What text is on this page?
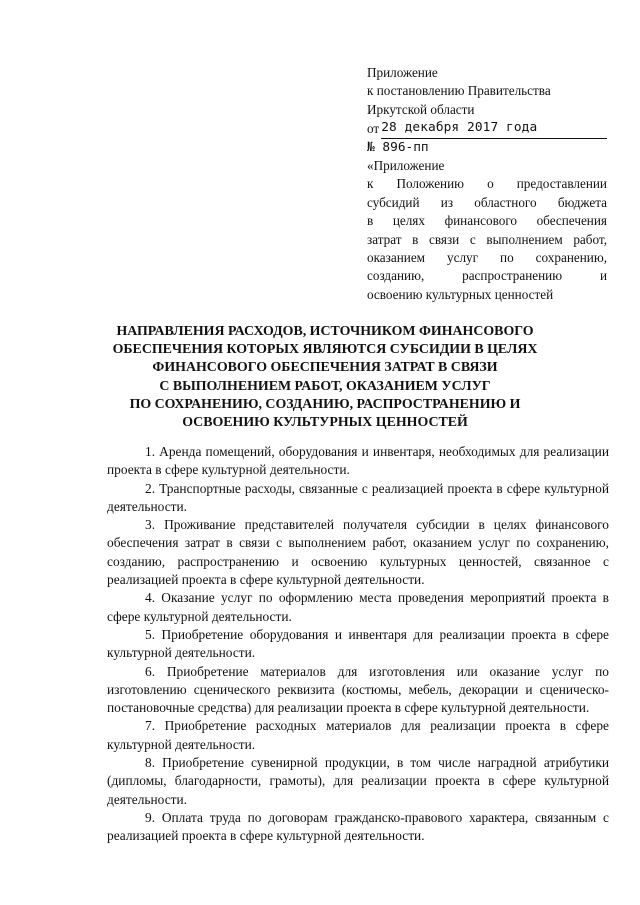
Приложение
к постановлению Правительства
Иркутской области
от 28 декабря 2017 года
№ 896-пп
«Приложение
к Положению о предоставлении
субсидий из областного бюджета
в целях финансового обеспечения
затрат в связи с выполнением работ,
оказанием услуг по сохранению,
созданию, распространению и
освоению культурных ценностей
НАПРАВЛЕНИЯ РАСХОДОВ, ИСТОЧНИКОМ ФИНАНСОВОГО
ОБЕСПЕЧЕНИЯ КОТОРЫХ ЯВЛЯЮТСЯ СУБСИДИИ В ЦЕЛЯХ
ФИНАНСОВОГО ОБЕСПЕЧЕНИЯ ЗАТРАТ В СВЯЗИ
С ВЫПОЛНЕНИЕМ РАБОТ, ОКАЗАНИЕМ УСЛУГ
ПО СОХРАНЕНИЮ, СОЗДАНИЮ, РАСПРОСТРАНЕНИЮ И
ОСВОЕНИЮ КУЛЬТУРНЫХ ЦЕННОСТЕЙ

1. Аренда помещений, оборудования и инвентаря, необходимых для реализации проекта в сфере культурной деятельности.

2. Транспортные расходы, связанные с реализацией проекта в сфере культурной деятельности.

3. Проживание представителей получателя субсидии в целях финансового обеспечения затрат в связи с выполнением работ, оказанием услуг по сохранению, созданию, распространению и освоению культурных ценностей, связанное с реализацией проекта в сфере культурной деятельности.

4. Оказание услуг по оформлению места проведения мероприятий проекта в сфере культурной деятельности.

5. Приобретение оборудования и инвентаря для реализации проекта в сфере культурной деятельности.

6. Приобретение материалов для изготовления или оказание услуг по изготовлению сценического реквизита (костюмы, мебель, декорации и сценическо-постановочные средства) для реализации проекта в сфере культурной деятельности.

7. Приобретение расходных материалов для реализации проекта в сфере культурной деятельности.

8. Приобретение сувенирной продукции, в том числе наградной атрибутики (дипломы, благодарности, грамоты), для реализации проекта в сфере культурной деятельности.

9. Оплата труда по договорам гражданско-правового характера, связанным с реализацией проекта в сфере культурной деятельности.
